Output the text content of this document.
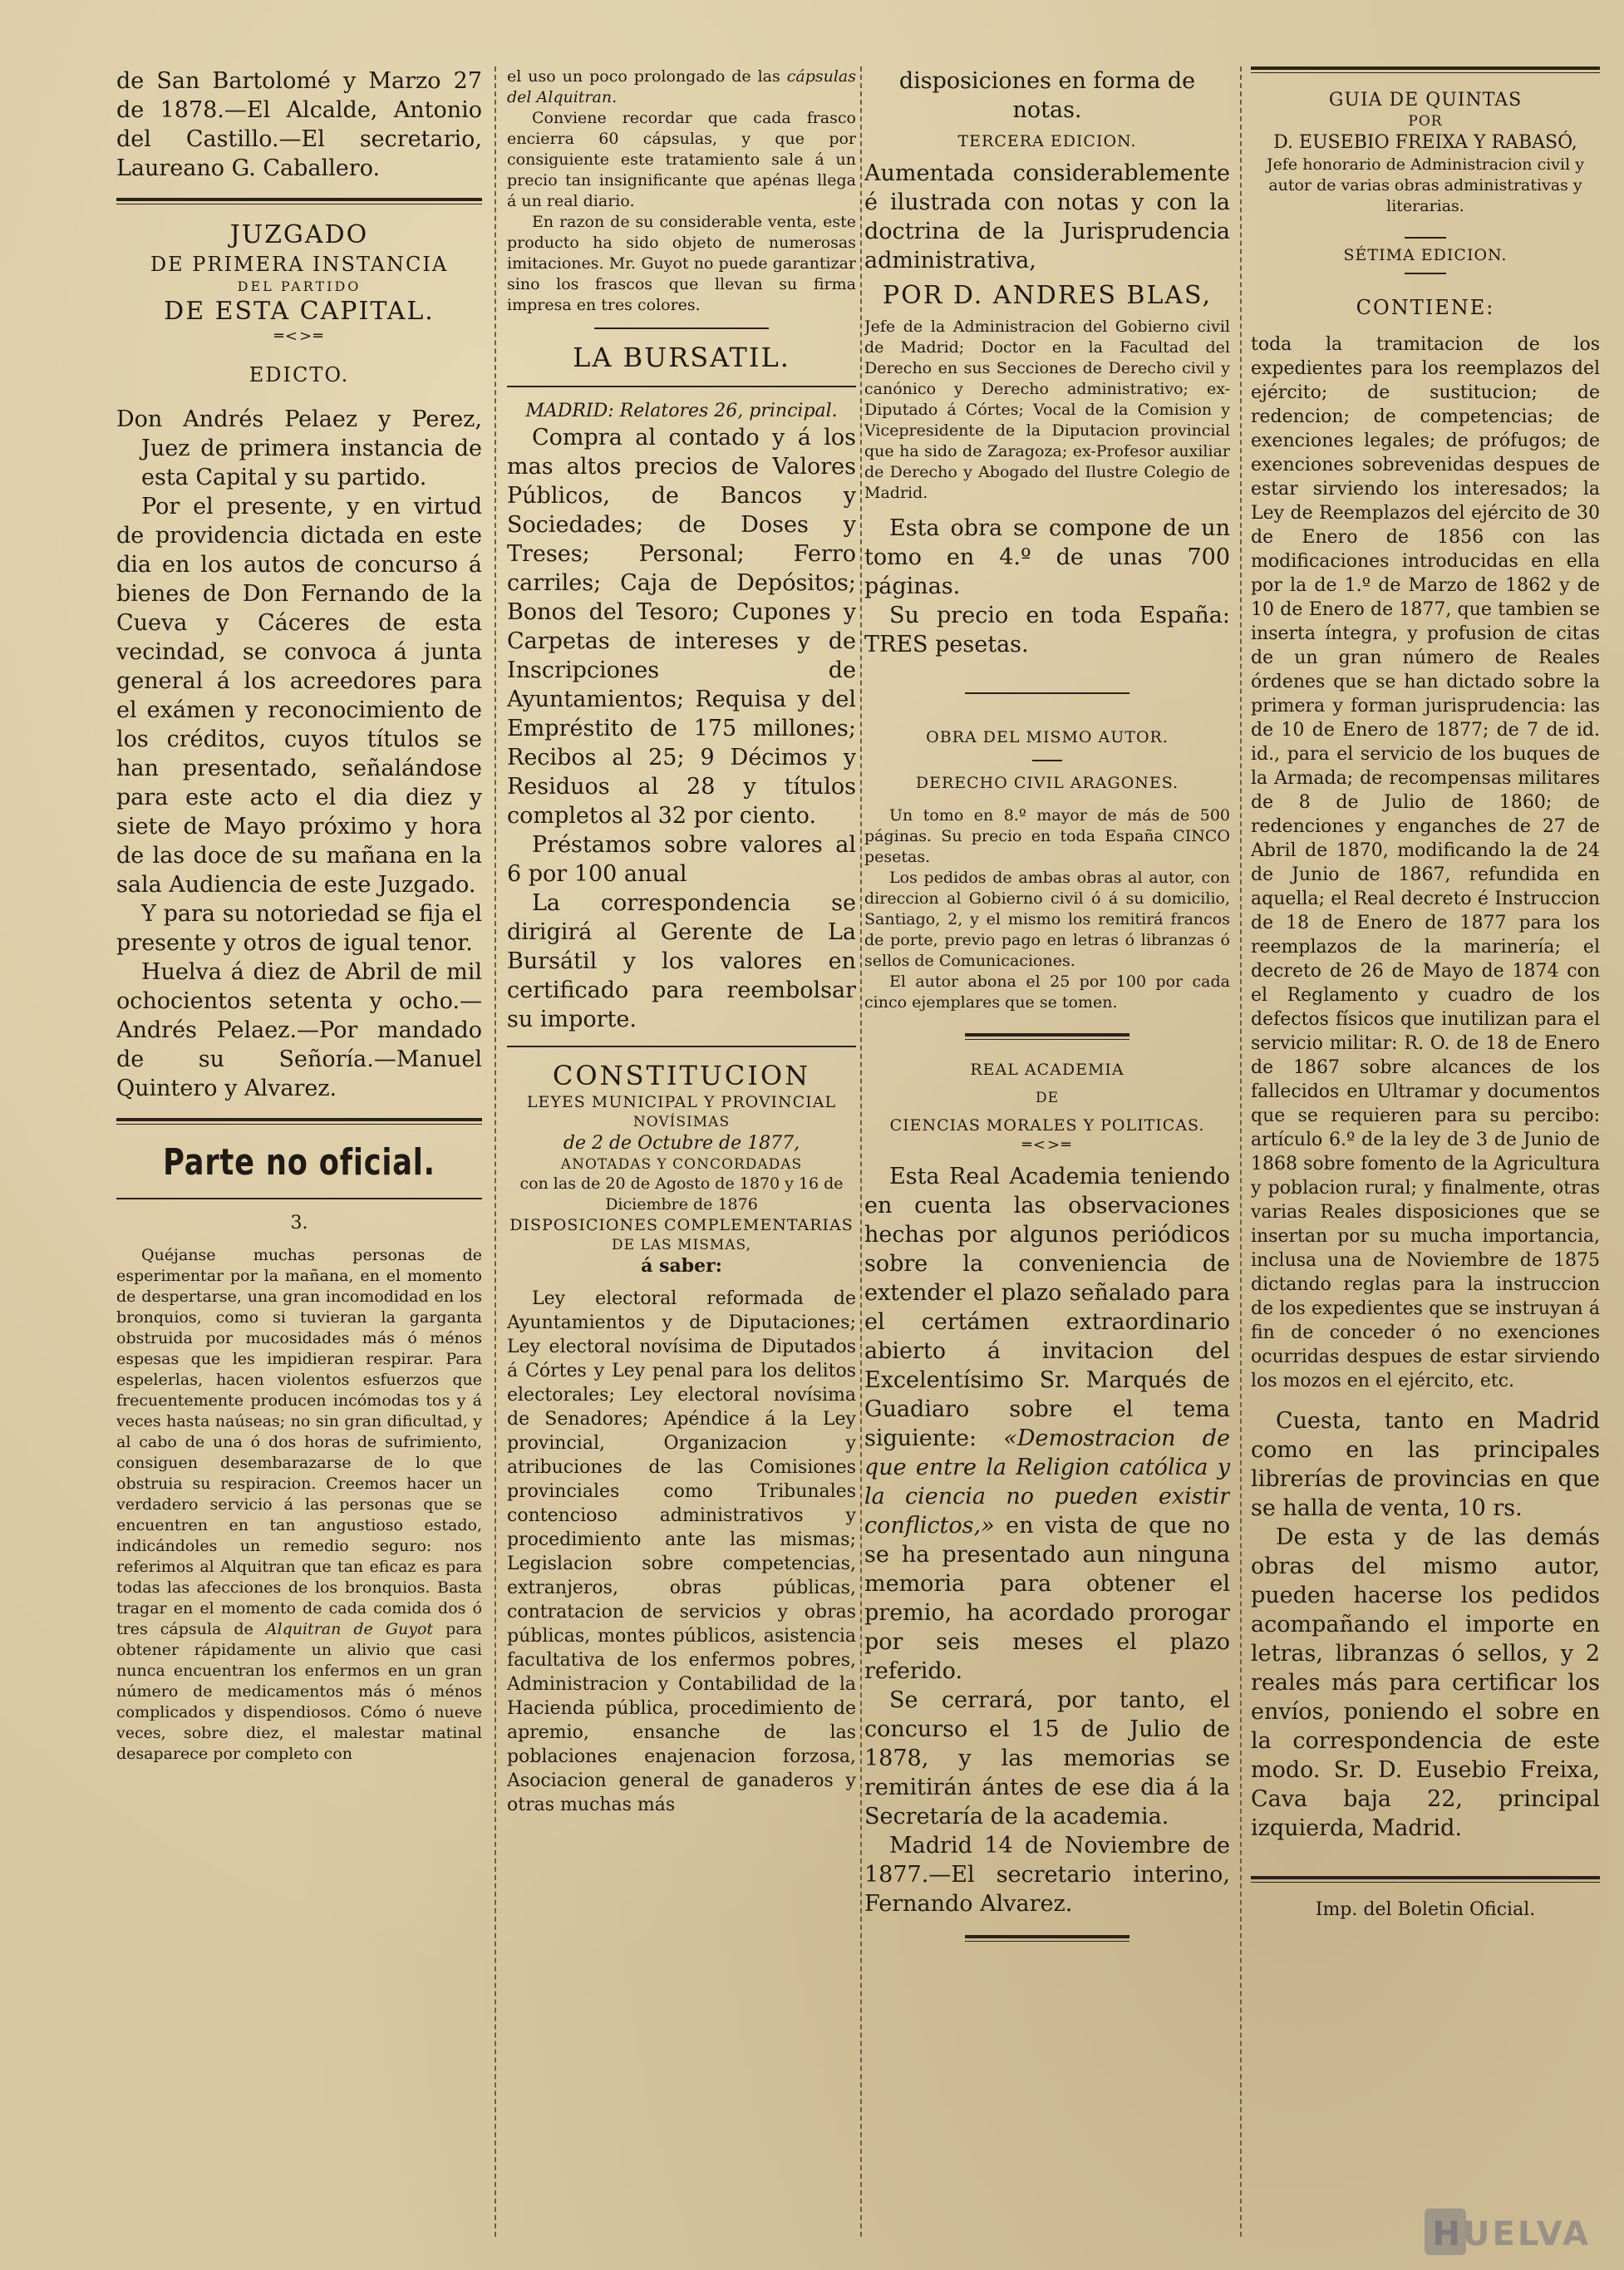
de San Bartolomé y Marzo 27 de 1878.—El Alcalde, Antonio del Castillo.—El secretario, Laureano G. Caballero.

JUZGADO

DE PRIMERA INSTANCIA

DEL PARTIDO

DE ESTA CAPITAL.

═<>═

EDICTO.

Don Andrés Pelaez y Perez, Juez de primera instancia de esta Capital y su partido.

Por el presente, y en virtud de providencia dictada en este dia en los autos de concurso á bienes de Don Fernando de la Cueva y Cáceres de esta vecindad, se convoca á junta general á los acreedores para el exámen y reconocimiento de los créditos, cuyos títulos se han presentado, señalándose para este acto el dia diez y siete de Mayo próximo y hora de las doce de su mañana en la sala Audiencia de este Juzgado.

Y para su notoriedad se fija el presente y otros de igual tenor.

Huelva á diez de Abril de mil ochocientos setenta y ocho.—Andrés Pelaez.—Por mandado de su Señoría.—Manuel Quintero y Alvarez.

Parte no oficial.

3.

Quéjanse muchas personas de esperimentar por la mañana, en el momento de despertarse, una gran incomodidad en los bronquios, como si tuvieran la garganta obstruida por mucosidades más ó ménos espesas que les impidieran respirar. Para espelerlas, hacen violentos esfuerzos que frecuentemente producen incómodas tos y á veces hasta naúseas; no sin gran dificultad, y al cabo de una ó dos horas de sufrimiento, consiguen desembarazarse de lo que obstruia su respiracion. Creemos hacer un verdadero servicio á las personas que se encuentren en tan angustioso estado, indicándoles un remedio seguro: nos referimos al Alquitran que tan eficaz es para todas las afecciones de los bronquios. Basta tragar en el momento de cada comida dos ó tres cápsula de Alquitran de Guyot para obtener rápidamente un alivio que casi nunca encuentran los enfermos en un gran número de medicamentos más ó ménos complicados y dispendiosos. Cómo ó nueve veces, sobre diez, el malestar matinal desaparece por completo con

el uso un poco prolongado de las cápsulas del Alquitran.

Conviene recordar que cada frasco encierra 60 cápsulas, y que por consiguiente este tratamiento sale á un precio tan insignificante que apénas llega á un real diario.

En razon de su considerable venta, este producto ha sido objeto de numerosas imitaciones. Mr. Guyot no puede garantizar sino los frascos que llevan su firma impresa en tres colores.

LA BURSATIL.

MADRID: Relatores 26, principal.

Compra al contado y á los mas altos precios de Valores Públicos, de Bancos y Sociedades; de Doses y Treses; Personal; Ferro carriles; Caja de Depósitos; Bonos del Tesoro; Cupones y Carpetas de intereses y de Inscripciones de Ayuntamientos; Requisa y del Empréstito de 175 millones; Recibos al 25; 9 Décimos y Residuos al 28 y títulos completos al 32 por ciento.

Préstamos sobre valores al 6 por 100 anual

La correspondencia se dirigirá al Gerente de La Bursátil y los valores en certificado para reembolsar su importe.

CONSTITUCION

LEYES MUNICIPAL Y PROVINCIAL

NOVÍSIMAS

de 2 de Octubre de 1877,

ANOTADAS Y CONCORDADAS

con las de 20 de Agosto de 1870 y 16 de Diciembre de 1876

DISPOSICIONES COMPLEMENTARIAS

DE LAS MISMAS,

á saber:

Ley electoral reformada de Ayuntamientos y de Diputaciones; Ley electoral novísima de Diputados á Córtes y Ley penal para los delitos electorales; Ley electoral novísima de Senadores; Apéndice á la Ley provincial, Organizacion y atribuciones de las Comisiones provinciales como Tribunales contencioso administrativos y procedimiento ante las mismas; Legislacion sobre competencias, extranjeros, obras públicas, contratacion de servicios y obras públicas, montes públicos, asistencia facultativa de los enfermos pobres, Administracion y Contabilidad de la Hacienda pública, procedimiento de apremio, ensanche de las poblaciones enajenacion forzosa, Asociacion general de ganaderos y otras muchas más

disposiciones en forma de notas.

TERCERA EDICION.

Aumentada considerablemente é ilustrada con notas y con la doctrina de la Jurisprudencia administrativa,

POR D. ANDRES BLAS,

Jefe de la Administracion del Gobierno civil de Madrid; Doctor en la Facultad del Derecho en sus Secciones de Derecho civil y canónico y Derecho administrativo; ex-Diputado á Córtes; Vocal de la Comision y Vicepresidente de la Diputacion provincial que ha sido de Zaragoza; ex-Profesor auxiliar de Derecho y Abogado del Ilustre Colegio de Madrid.

Esta obra se compone de un tomo en 4.º de unas 700 páginas.

Su precio en toda España: TRES pesetas.

OBRA DEL MISMO AUTOR.

DERECHO CIVIL ARAGONES.

Un tomo en 8.º mayor de más de 500 páginas. Su precio en toda España CINCO pesetas.

Los pedidos de ambas obras al autor, con direccion al Gobierno civil ó á su domicilio, Santiago, 2, y el mismo los remitirá francos de porte, previo pago en letras ó libranzas ó sellos de Comunicaciones.

El autor abona el 25 por 100 por cada cinco ejemplares que se tomen.

REAL ACADEMIA

DE

CIENCIAS MORALES Y POLITICAS.

═<>═

Esta Real Academia teniendo en cuenta las observaciones hechas por algunos periódicos sobre la conveniencia de extender el plazo señalado para el certámen extraordinario abierto á invitacion del Excelentísimo Sr. Marqués de Guadiaro sobre el tema siguiente: «Demostracion de que entre la Religion católica y la ciencia no pueden existir conflictos,» en vista de que no se ha presentado aun ninguna memoria para obtener el premio, ha acordado prorogar por seis meses el plazo referido.

Se cerrará, por tanto, el concurso el 15 de Julio de 1878, y las memorias se remitirán ántes de ese dia á la Secretaría de la academia.

Madrid 14 de Noviembre de 1877.—El secretario interino, Fernando Alvarez.

GUIA DE QUINTAS

POR

D. EUSEBIO FREIXA Y RABASÓ,

Jefe honorario de Administracion civil y autor de varias obras administrativas y literarias.

SÉTIMA EDICION.

CONTIENE:

toda la tramitacion de los expedientes para los reemplazos del ejército; de sustitucion; de redencion; de competencias; de exenciones legales; de prófugos; de exenciones sobrevenidas despues de estar sirviendo los interesados; la Ley de Reemplazos del ejército de 30 de Enero de 1856 con las modificaciones introducidas en ella por la de 1.º de Marzo de 1862 y de 10 de Enero de 1877, que tambien se inserta íntegra, y profusion de citas de un gran número de Reales órdenes que se han dictado sobre la primera y forman jurisprudencia: las de 10 de Enero de 1877; de 7 de id. id., para el servicio de los buques de la Armada; de recompensas militares de 8 de Julio de 1860; de redenciones y enganches de 27 de Abril de 1870, modificando la de 24 de Junio de 1867, refundida en aquella; el Real decreto é Instruccion de 18 de Enero de 1877 para los reemplazos de la marinería; el decreto de 26 de Mayo de 1874 con el Reglamento y cuadro de los defectos físicos que inutilizan para el servicio militar: R. O. de 18 de Enero de 1867 sobre alcances de los fallecidos en Ultramar y documentos que se requieren para su percibo: artículo 6.º de la ley de 3 de Junio de 1868 sobre fomento de la Agricultura y poblacion rural; y finalmente, otras varias Reales disposiciones que se insertan por su mucha importancia, inclusa una de Noviembre de 1875 dictando reglas para la instruccion de los expedientes que se instruyan á fin de conceder ó no exenciones ocurridas despues de estar sirviendo los mozos en el ejército, etc.

Cuesta, tanto en Madrid como en las principales librerías de provincias en que se halla de venta, 10 rs.

De esta y de las demás obras del mismo autor, pueden hacerse los pedidos acompañando el importe en letras, libranzas ó sellos, y 2 reales más para certificar los envíos, poniendo el sobre en la correspondencia de este modo. Sr. D. Eusebio Freixa, Cava baja 22, principal izquierda, Madrid.

Imp. del Boletin Oficial.

HUELVA
